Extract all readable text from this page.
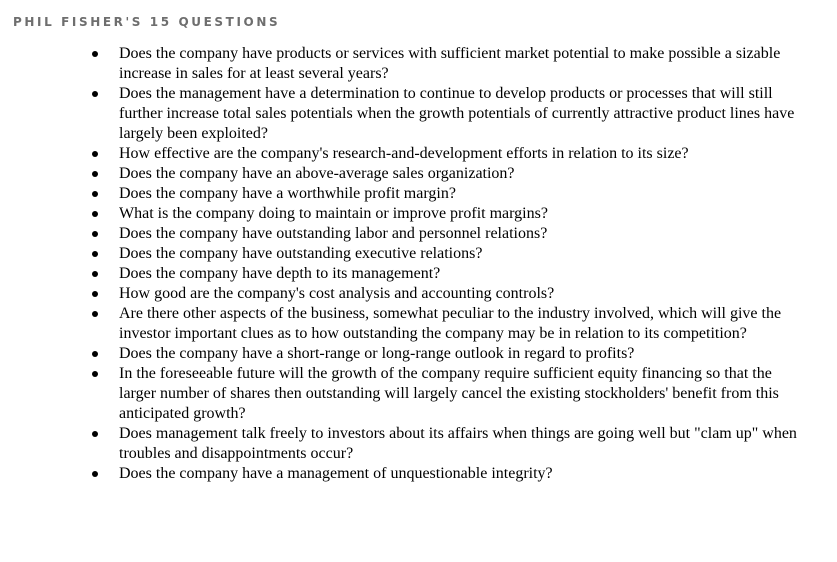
PHIL FISHER'S 15 QUESTIONS
Does the company have products or services with sufficient market potential to make possible a sizable increase in sales for at least several years?
Does the management have a determination to continue to develop products or processes that will still further increase total sales potentials when the growth potentials of currently attractive product lines have largely been exploited?
How effective are the company's research-and-development efforts in relation to its size?
Does the company have an above-average sales organization?
Does the company have a worthwhile profit margin?
What is the company doing to maintain or improve profit margins?
Does the company have outstanding labor and personnel relations?
Does the company have outstanding executive relations?
Does the company have depth to its management?
How good are the company's cost analysis and accounting controls?
Are there other aspects of the business, somewhat peculiar to the industry involved, which will give the investor important clues as to how outstanding the company may be in relation to its competition?
Does the company have a short-range or long-range outlook in regard to profits?
In the foreseeable future will the growth of the company require sufficient equity financing so that the larger number of shares then outstanding will largely cancel the existing stockholders' benefit from this anticipated growth?
Does management talk freely to investors about its affairs when things are going well but "clam up" when troubles and disappointments occur?
Does the company have a management of unquestionable integrity?
